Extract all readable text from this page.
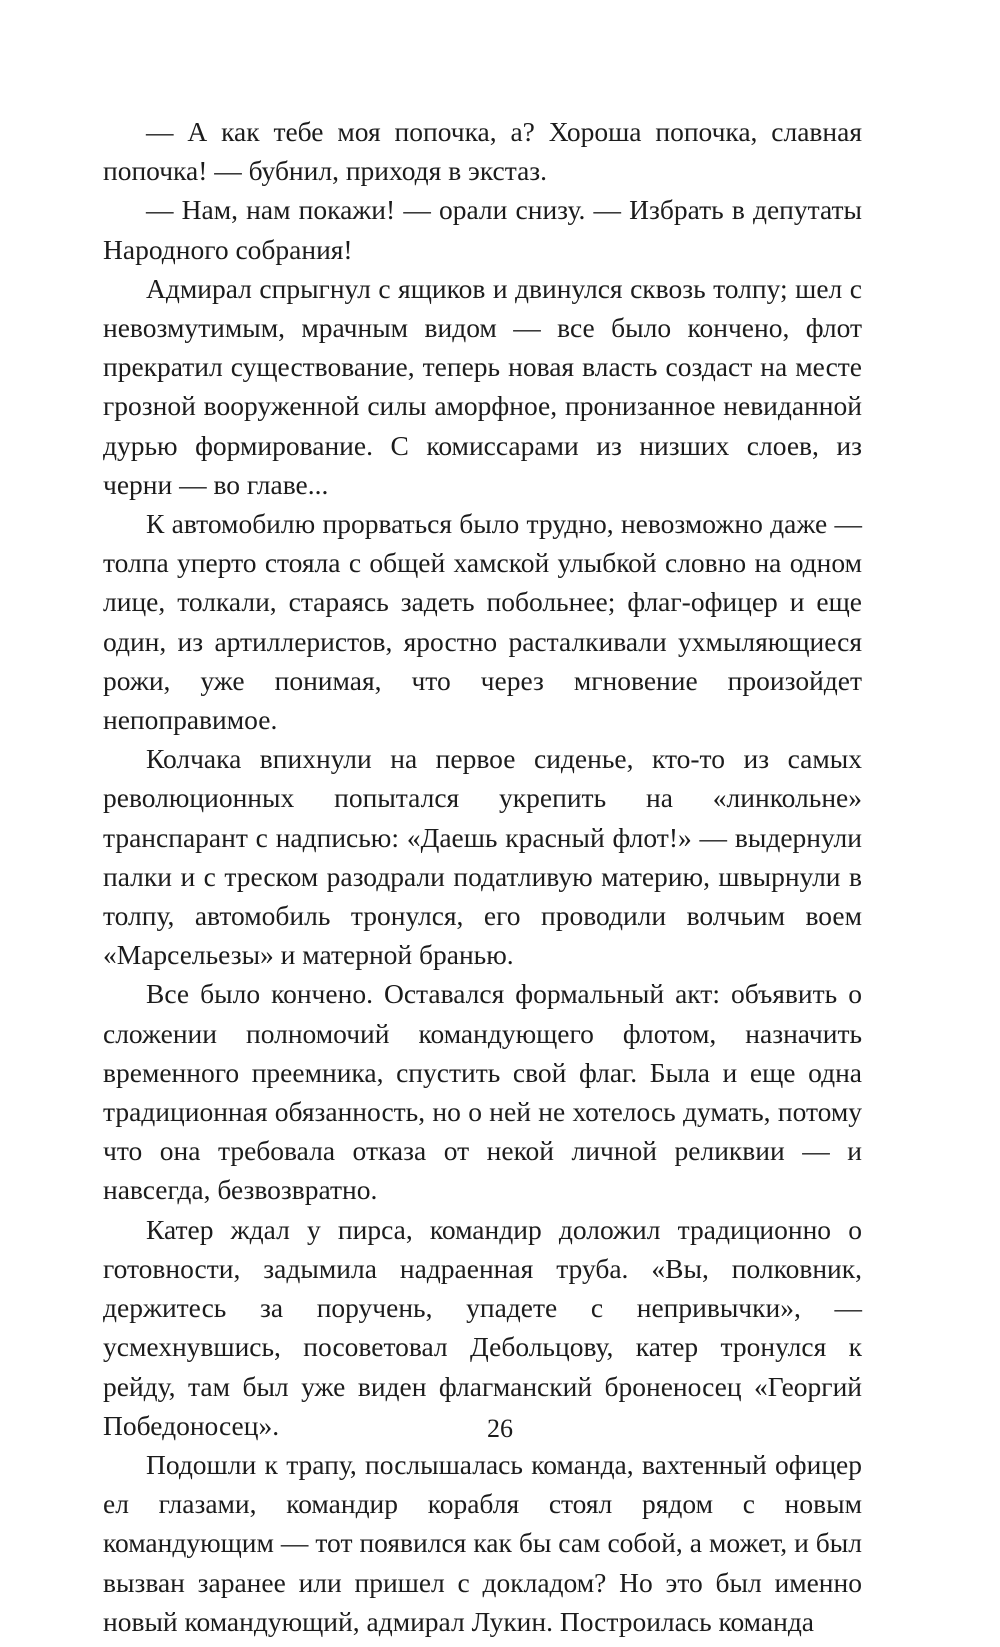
— А как тебе моя попочка, а? Хороша попочка, славная попочка! — бубнил, приходя в экстаз.

— Нам, нам покажи! — орали снизу. — Избрать в депутаты Народного собрания!

Адмирал спрыгнул с ящиков и двинулся сквозь толпу; шел с невозмутимым, мрачным видом — все было кончено, флот прекратил существование, теперь новая власть создаст на месте грозной вооруженной силы аморфное, пронизанное невиданной дурью формирование. С комиссарами из низших слоев, из черни — во главе...

К автомобилю прорваться было трудно, невозможно даже — толпа уперто стояла с общей хамской улыбкой словно на одном лице, толкали, стараясь задеть побольнее; флаг-офицер и еще один, из артиллеристов, яростно расталкивали ухмыляющиеся рожи, уже понимая, что через мгновение произойдет непоправимое.

Колчака впихнули на первое сиденье, кто-то из самых революционных попытался укрепить на «линкольне» транспарант с надписью: «Даешь красный флот!» — выдернули палки и с треском разодрали податливую материю, швырнули в толпу, автомобиль тронулся, его проводили волчьим воем «Марсельезы» и матерной бранью.

Все было кончено. Оставался формальный акт: объявить о сложении полномочий командующего флотом, назначить временного преемника, спустить свой флаг. Была и еще одна традиционная обязанность, но о ней не хотелось думать, потому что она требовала отказа от некой личной реликвии — и навсегда, безвозвратно.

Катер ждал у пирса, командир доложил традиционно о готовности, задымила надраенная труба. «Вы, полковник, держитесь за поручень, упадете с непривычки», — усмехнувшись, посоветовал Дебольцову, катер тронулся к рейду, там был уже виден флагманский броненосец «Георгий Победоносец».

Подошли к трапу, послышалась команда, вахтенный офицер ел глазами, командир корабля стоял рядом с новым командующим — тот появился как бы сам собой, а может, и был вызван заранее или пришел с докладом? Но это был именно новый командующий, адмирал Лукин. Построилась команда

26
